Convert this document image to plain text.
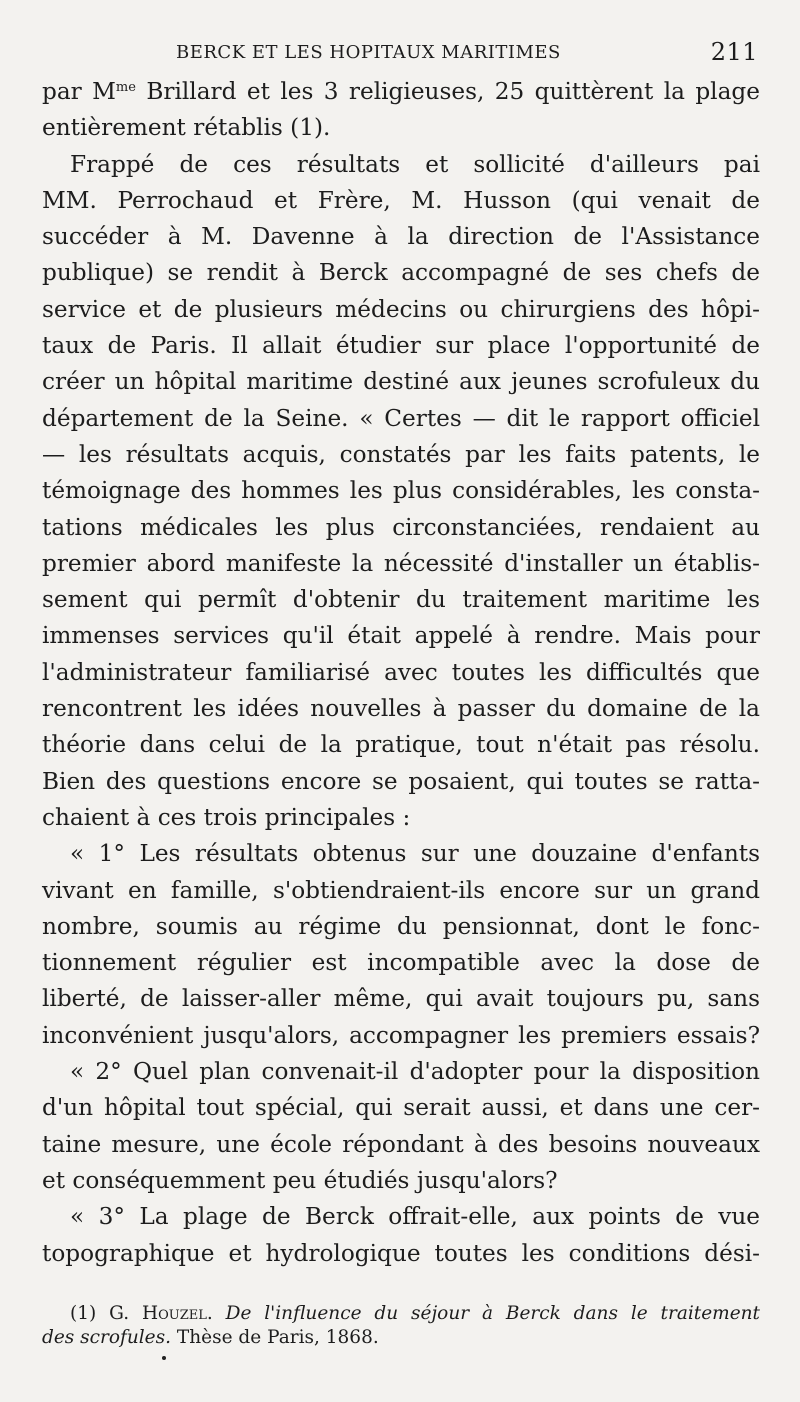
BERCK ET LES HOPITAUX MARITIMES	211
par $M^{me}$ Brillard et les 3 religieuses, 25 quittèrent la plage
entièrement rétablis (1).
Frappé de ces résultats et sollicité d'ailleurs pai
MM. Perrochaud et Frère, M. Husson (qui venait de
succéder à M. Davenne à la direction de l'Assistance
publique) se rendit à Berck accompagné de ses chefs de
service et de plusieurs médecins ou chirurgiens des hôpi-
taux de Paris. Il allait étudier sur place l'opportunité de
créer un hôpital maritime destiné aux jeunes scrofuleux du
département de la Seine. « Certes — dit le rapport officiel
— les résultats acquis, constatés par les faits patents, le
témoignage des hommes les plus considérables, les consta-
tations médicales les plus circonstanciées, rendaient au
premier abord manifeste la nécessité d'installer un établis-
sement qui permît d'obtenir du traitement maritime les
immenses services qu'il était appelé à rendre. Mais pour
l'administrateur familiarisé avec toutes les difficultés que
rencontrent les idées nouvelles à passer du domaine de la
théorie dans celui de la pratique, tout n'était pas résolu.
Bien des questions encore se posaient, qui toutes se ratta-
chaient à ces trois principales :
« 1° Les résultats obtenus sur une douzaine d'enfants
vivant en famille, s'obtiendraient-ils encore sur un grand
nombre, soumis au régime du pensionnat, dont le fonc-
tionnement régulier est incompatible avec la dose de
liberté, de laisser-aller même, qui avait toujours pu, sans
inconvénient jusqu'alors, accompagner les premiers essais?
« 2° Quel plan convenait-il d'adopter pour la disposition
d'un hôpital tout spécial, qui serait aussi, et dans une cer-
taine mesure, une école répondant à des besoins nouveaux
et conséquemment peu étudiés jusqu'alors?
« 3° La plage de Berck offrait-elle, aux points de vue
topographique et hydrologique toutes les conditions dési-
(1) G. Houzel. De l'influence du séjour à Berck dans le traitement
des scrofules. Thèse de Paris, 1868.
